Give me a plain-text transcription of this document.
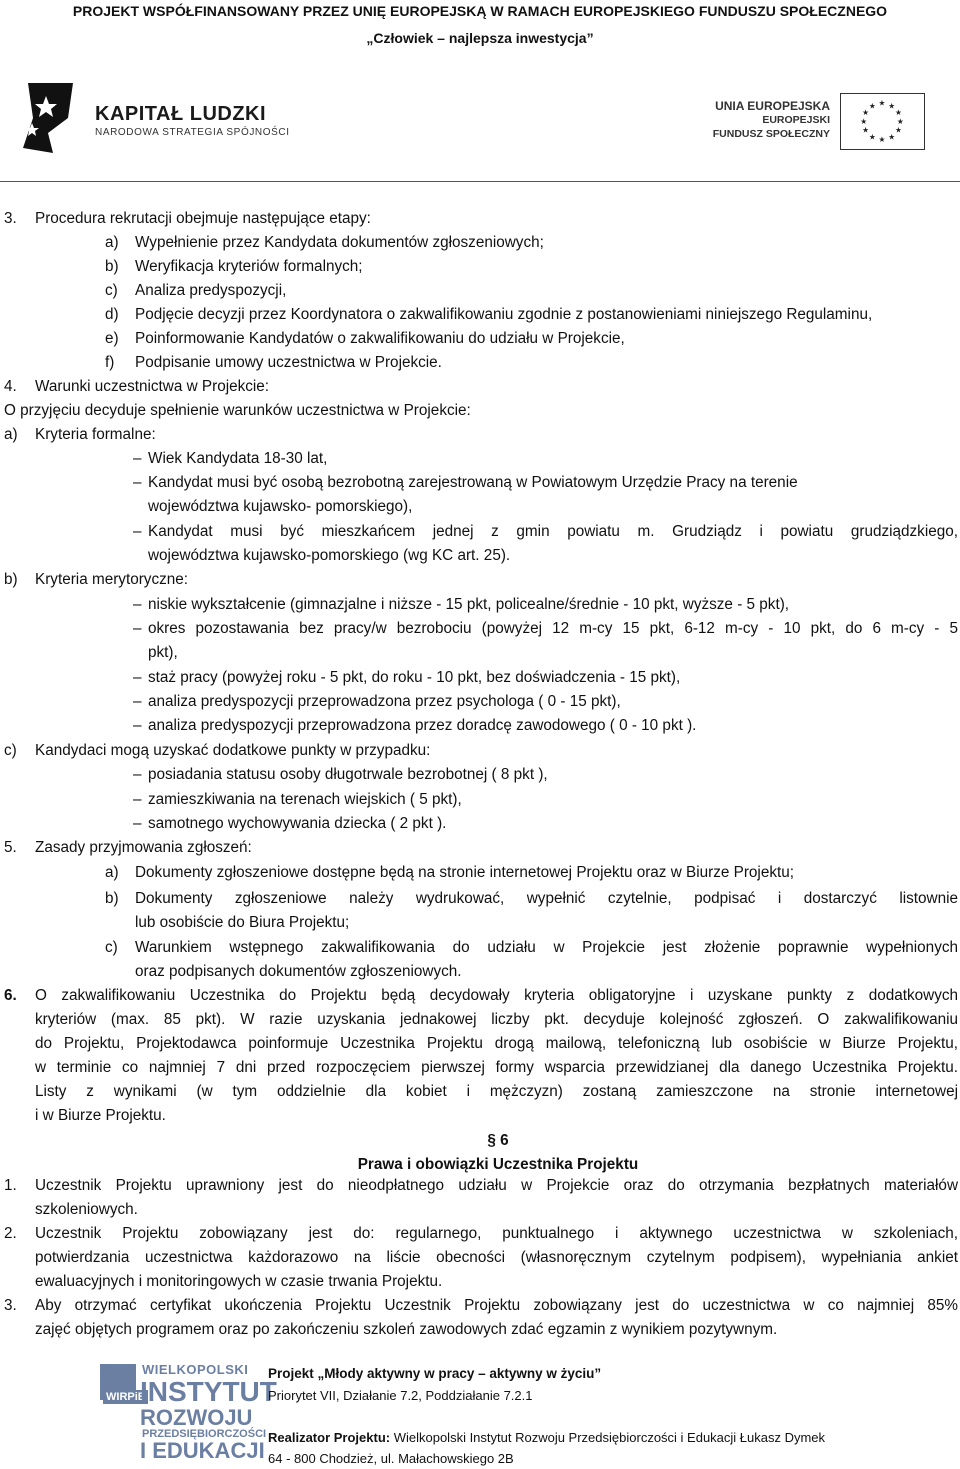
PROJEKT WSPÓŁFINANSOWANY PRZEZ UNIĘ EUROPEJSKĄ W RAMACH EUROPEJSKIEGO FUNDUSZU SPOŁECZNEGO
„Człowiek – najlepsza inwestycja”
KAPITAŁ LUDZKI
NARODOWA STRATEGIA SPÓJNOŚCI
UNIA EUROPEJSKA
EUROPEJSKI
FUNDUSZ SPOŁECZNY
★ ★
★
★
★
★
★
★
★
★
★
★
3. Procedura rekrutacji obejmuje następujące etapy:
a) Wypełnienie przez Kandydata dokumentów zgłoszeniowych;
b) Weryfikacja kryteriów formalnych;
c) Analiza predyspozycji,
d) Podjęcie decyzji przez Koordynatora o zakwalifikowaniu zgodnie z postanowieniami niniejszego Regulaminu,
e) Poinformowanie Kandydatów o zakwalifikowaniu do udziału w Projekcie,
f) Podpisanie umowy uczestnictwa w Projekcie.
4. Warunki uczestnictwa w Projekcie:
O przyjęciu decyduje spełnienie warunków uczestnictwa w Projekcie:
a) Kryteria formalne:
– Wiek Kandydata 18-30 lat,
– Kandydat musi być osobą bezrobotną zarejestrowaną w Powiatowym Urzędzie Pracy na terenie
województwa kujawsko- pomorskiego),
– Kandydat musi być mieszkańcem jednej z gmin powiatu m. Grudziądz i powiatu grudziądzkiego,
województwa kujawsko-pomorskiego (wg KC art. 25).
b) Kryteria merytoryczne:
– niskie wykształcenie (gimnazjalne i niższe - 15 pkt, policealne/średnie - 10 pkt, wyższe - 5 pkt),
– okres pozostawania bez pracy/w bezrobociu (powyżej 12 m-cy 15 pkt, 6-12 m-cy - 10 pkt, do 6 m-cy - 5
pkt),
– staż pracy (powyżej roku - 5 pkt, do roku - 10 pkt, bez doświadczenia - 15 pkt),
– analiza predyspozycji przeprowadzona przez psychologa ( 0 - 15 pkt),
– analiza predyspozycji przeprowadzona przez doradcę zawodowego ( 0 - 10 pkt ).
c) Kandydaci mogą uzyskać dodatkowe punkty w przypadku:
– posiadania statusu osoby długotrwale bezrobotnej ( 8 pkt ),
– zamieszkiwania na terenach wiejskich ( 5 pkt),
– samotnego wychowywania dziecka ( 2 pkt ).
5. Zasady przyjmowania zgłoszeń:
a) Dokumenty zgłoszeniowe dostępne będą na stronie internetowej Projektu oraz w Biurze Projektu;
b) Dokumenty zgłoszeniowe należy wydrukować, wypełnić czytelnie, podpisać i dostarczyć listownie
lub osobiście do Biura Projektu;
c) Warunkiem wstępnego zakwalifikowania do udziału w Projekcie jest złożenie poprawnie wypełnionych
oraz podpisanych dokumentów zgłoszeniowych.
6. O zakwalifikowaniu Uczestnika do Projektu będą decydowały kryteria obligatoryjne i uzyskane punkty z dodatkowych
kryteriów (max. 85 pkt). W razie uzyskania jednakowej liczby pkt. decyduje kolejność zgłoszeń. O zakwalifikowaniu
do Projektu, Projektodawca poinformuje Uczestnika Projektu drogą mailową, telefoniczną lub osobiście w Biurze Projektu,
w terminie co najmniej 7 dni przed rozpoczęciem pierwszej formy wsparcia przewidzianej dla danego Uczestnika Projektu.
Listy z wynikami (w tym oddzielnie dla kobiet i mężczyzn) zostaną zamieszczone na stronie internetowej
i w Biurze Projektu.
§ 6
Prawa i obowiązki Uczestnika Projektu
1. Uczestnik Projektu uprawniony jest do nieodpłatnego udziału w Projekcie oraz do otrzymania bezpłatnych materiałów
szkoleniowych.
2. Uczestnik Projektu zobowiązany jest do: regularnego, punktualnego i aktywnego uczestnictwa w szkoleniach,
potwierdzania uczestnictwa każdorazowo na liście obecności (własnoręcznym czytelnym podpisem), wypełniania ankiet
ewaluacyjnych i monitoringowych w czasie trwania Projektu.
3. Aby otrzymać certyfikat ukończenia Projektu Uczestnik Projektu zobowiązany jest do uczestnictwa w co najmniej 85%
zajęć objętych programem oraz po zakończeniu szkoleń zawodowych zdać egzamin z wynikiem pozytywnym.
WIRPiE
WIELKOPOLSKI
INSTYTUT
ROZWOJU
PRZEDSIĘBIORCZOŚCI
I EDUKACJI
Projekt „Młody aktywny w pracy – aktywny w życiu”
Priorytet VII, Działanie 7.2, Poddziałanie 7.2.1
Realizator Projektu: Wielkopolski Instytut Rozwoju Przedsiębiorczości i Edukacji Łukasz Dymek
64 - 800 Chodzież, ul. Małachowskiego 2B
